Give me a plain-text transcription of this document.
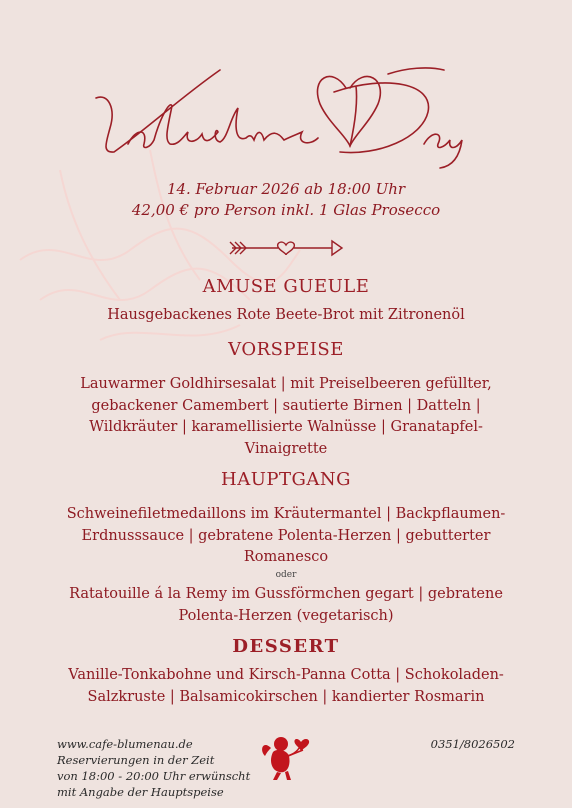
14. Februar 2026 ab 18:00 Uhr
42,00 € pro Person inkl. 1 Glas Prosecco
AMUSE GUEULE
Hausgebackenes Rote Beete-Brot mit Zitronenöl
VORSPEISE
Lauwarmer Goldhirsesalat | mit Preiselbeeren gefüllter,
gebackener Camembert | sautierte Birnen | Datteln |
Wildkräuter | karamellisierte Walnüsse | Granatapfel-
Vinaigrette
HAUPTGANG
Schweinefiletmedaillons im Kräutermantel | Backpflaumen-
Erdnusssauce | gebratene Polenta-Herzen | gebutterter
Romanesco
oder
Ratatouille á la Remy im Gussförmchen gegart | gebratene
Polenta-Herzen (vegetarisch)
DESSERT
Vanille-Tonkabohne und Kirsch-Panna Cotta | Schokoladen-
Salzkruste | Balsamicokirschen | kandierter Rosmarin
www.cafe-blumenau.de
Reservierungen in der Zeit
von 18:00 - 20:00 Uhr erwünscht
mit Angabe der Hauptspeise
0351/8026502
